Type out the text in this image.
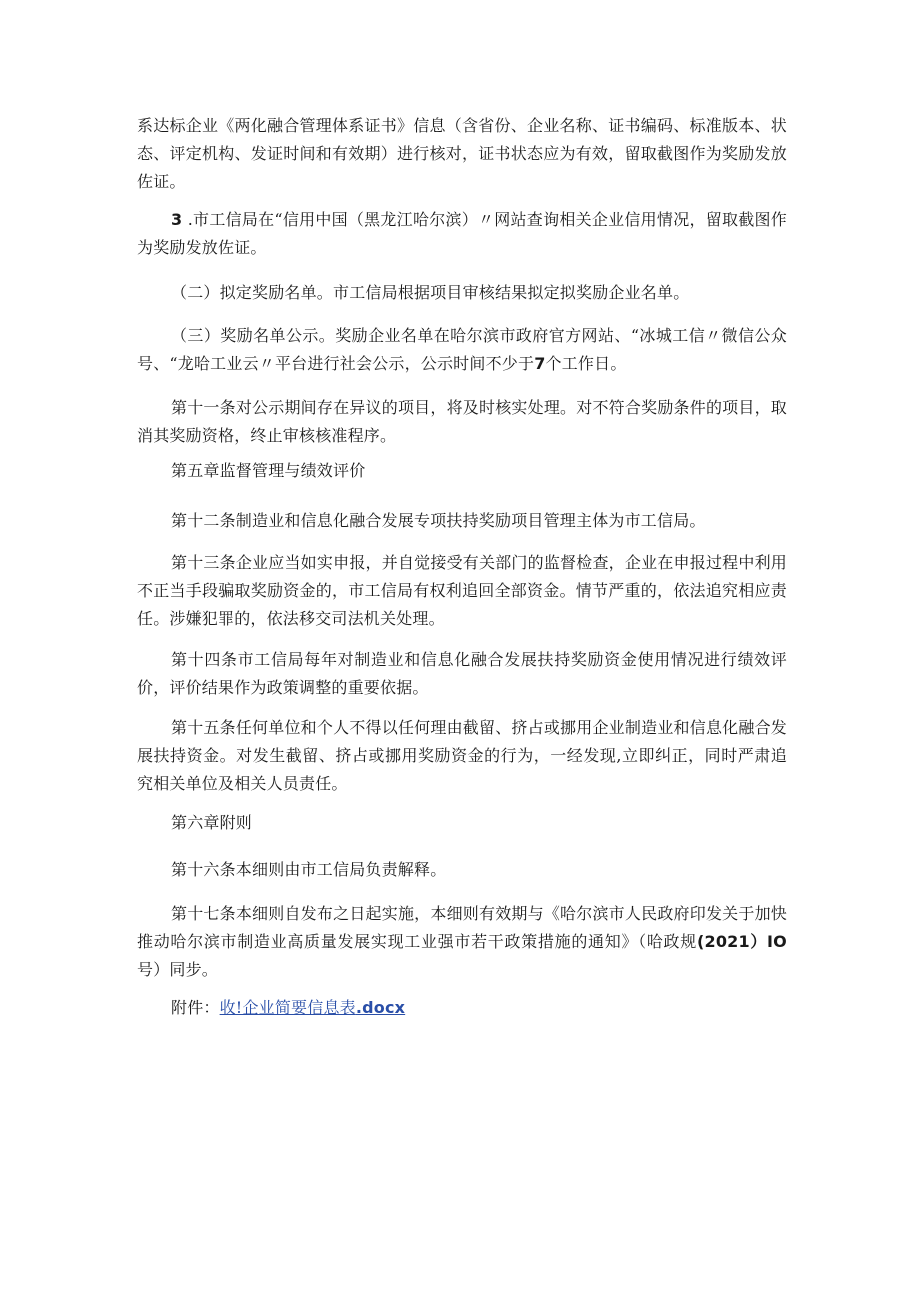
系达标企业《两化融合管理体系证书》信息（含省份、企业名称、证书编码、标准版本、状态、评定机构、发证时间和有效期）进行核对，证书状态应为有效，留取截图作为奖励发放佐证。

3 .市工信局在“信用中国（黑龙江哈尔滨）〃网站查询相关企业信用情况，留取截图作为奖励发放佐证。

（二）拟定奖励名单。市工信局根据项目审核结果拟定拟奖励企业名单。

（三）奖励名单公示。奖励企业名单在哈尔滨市政府官方网站、“冰城工信〃微信公众号、“龙哈工业云〃平台进行社会公示，公示时间不少于7个工作日。

第十一条对公示期间存在异议的项目，将及时核实处理。对不符合奖励条件的项目，取消其奖励资格，终止审核核准程序。

第五章监督管理与绩效评价

第十二条制造业和信息化融合发展专项扶持奖励项目管理主体为市工信局。

第十三条企业应当如实申报，并自觉接受有关部门的监督检查，企业在申报过程中利用不正当手段骗取奖励资金的，市工信局有权利追回全部资金。情节严重的，依法追究相应责任。涉嫌犯罪的，依法移交司法机关处理。

第十四条市工信局每年对制造业和信息化融合发展扶持奖励资金使用情况进行绩效评价，评价结果作为政策调整的重要依据。

第十五条任何单位和个人不得以任何理由截留、挤占或挪用企业制造业和信息化融合发展扶持资金。对发生截留、挤占或挪用奖励资金的行为，一经发现,立即纠正，同时严肃追究相关单位及相关人员责任。

第六章附则

第十六条本细则由市工信局负责解释。

第十七条本细则自发布之日起实施，本细则有效期与《哈尔滨市人民政府印发关于加快推动哈尔滨市制造业高质量发展实现工业强市若干政策措施的通知》（哈政规(2021）IO号）同步。

附件：收!企业简要信息表.docx
